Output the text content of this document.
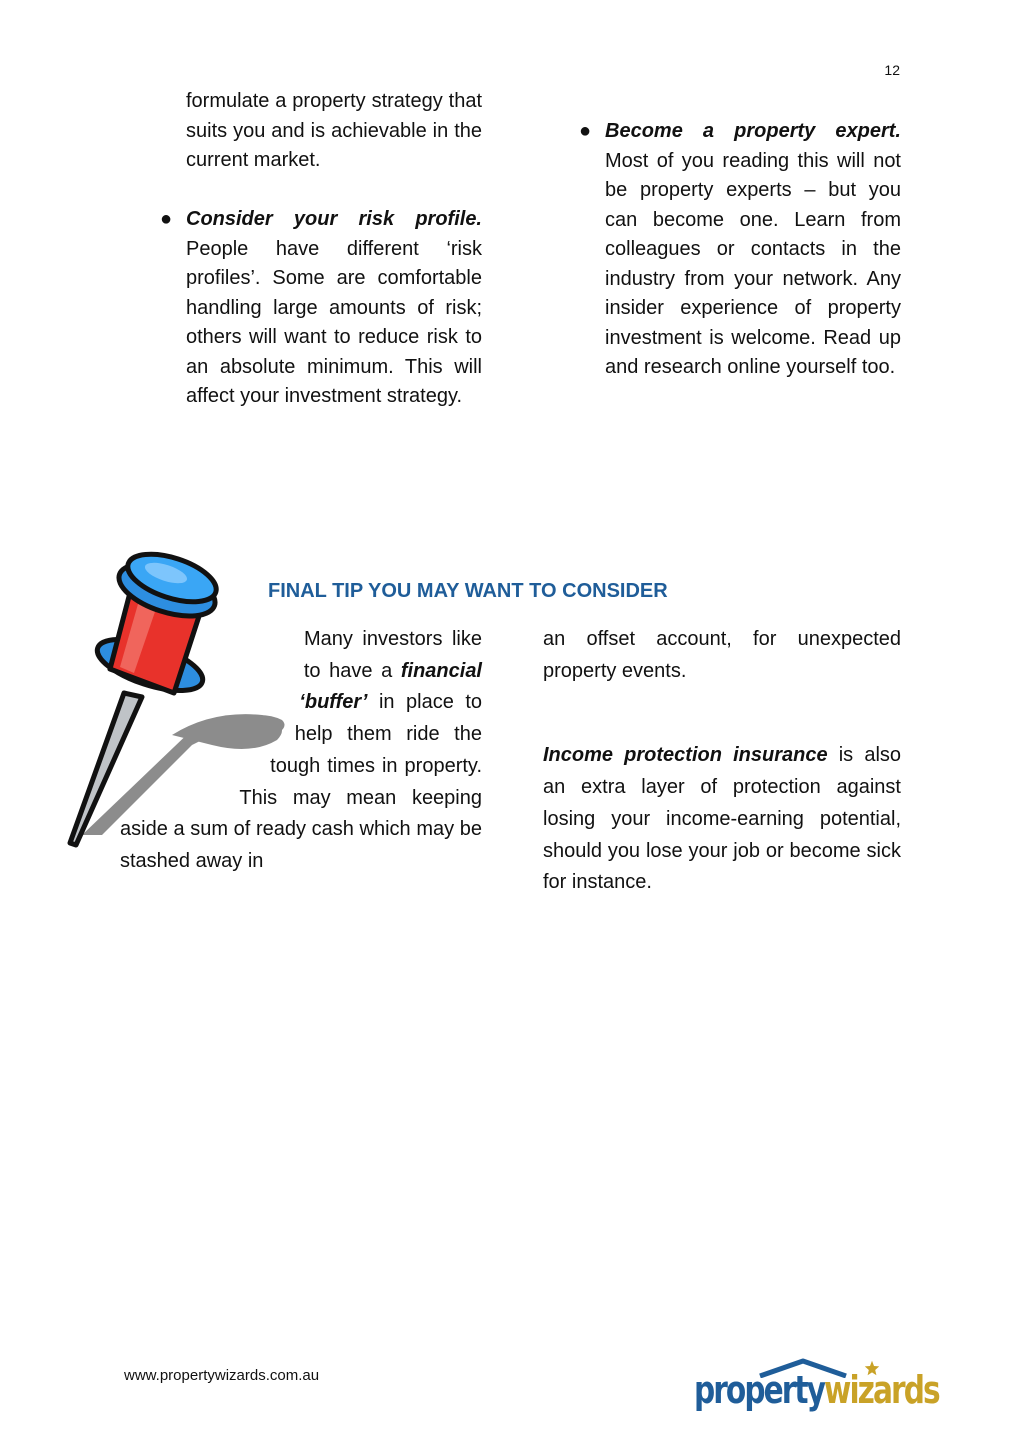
12
formulate a property strategy that suits you and is achievable in the current market.
● Consider your risk profile. People have different ‘risk profiles’. Some are comfortable handling large amounts of risk; others will want to reduce risk to an absolute minimum. This will affect your investment strategy.
● Become a property expert. Most of you reading this will not be property experts – but you can become one. Learn from colleagues or contacts in the industry from your network. Any insider experience of property investment is welcome. Read up and research online yourself too.
FINAL TIP YOU MAY WANT TO CONSIDER
Many investors like to have a financial ‘buffer’ in place to help them ride the tough times in property. This may mean keeping aside a sum of ready cash which may be stashed away in
an offset account, for unexpected property events.
Income protection insurance is also an extra layer of protection against losing your income-earning potential, should you lose your job or become sick for instance.
www.propertywizards.com.au	propertywizards
